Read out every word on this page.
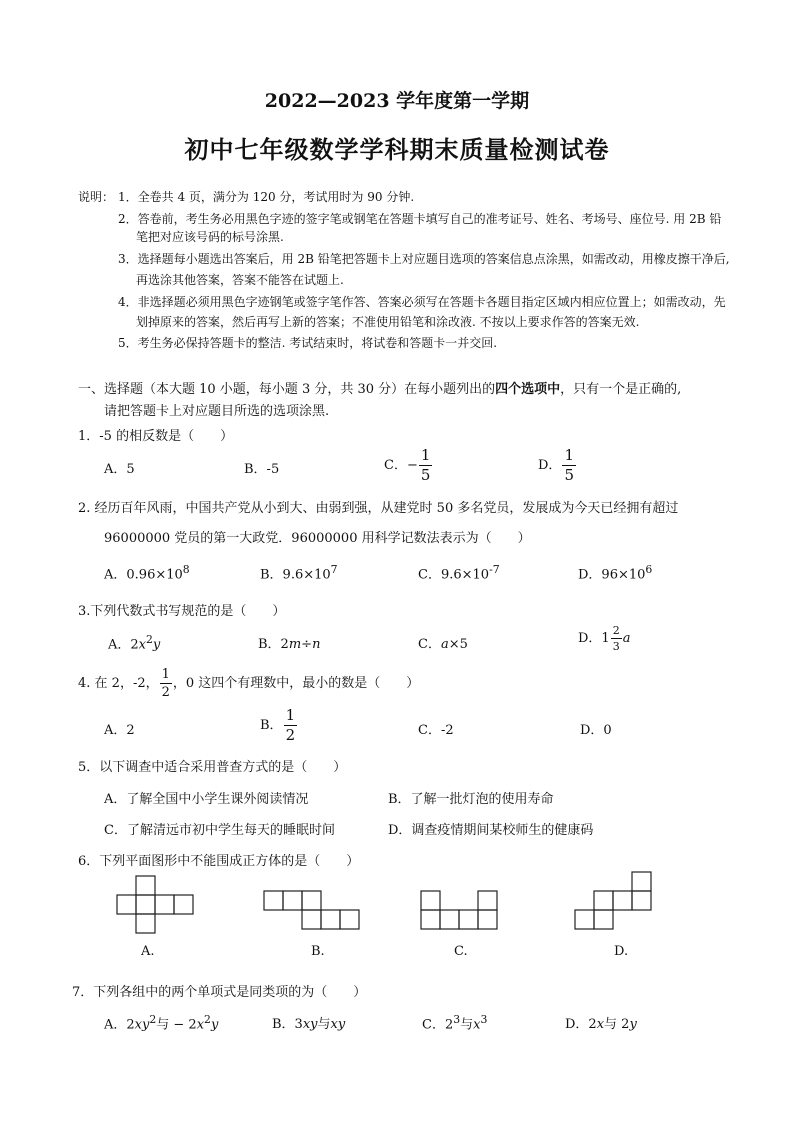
2022—2023 学年度第一学期
初中七年级数学学科期末质量检测试卷
说明： 1．全卷共 4 页，满分为 120 分，考试用时为 90 分钟.
2．答卷前，考生务必用黑色字迹的签字笔或钢笔在答题卡填写自己的准考证号、姓名、考场号、座位号. 用 2B 铅
笔把对应该号码的标号涂黑.
3．选择题每小题选出答案后，用 2B 铅笔把答题卡上对应题目选项的答案信息点涂黑，如需改动，用橡皮擦干净后,
再选涂其他答案，答案不能答在试题上.
4．非选择题必须用黑色字迹钢笔或签字笔作答、答案必须写在答题卡各题目指定区域内相应位置上；如需改动，先
划掉原来的答案，然后再写上新的答案；不准使用铅笔和涂改液. 不按以上要求作答的答案无效.
5．考生务必保持答题卡的整洁. 考试结束时，将试卷和答题卡一并交回.
一、选择题（本大题 10 小题，每小题 3 分，共 30 分）在每小题列出的四个选项中，只有一个是正确的,
请把答题卡上对应题目所选的选项涂黑.
1．-5 的相反数是（　　）
A．5	B．-5	C．− $\frac{1}{5}$	D． $\frac{1}{5}$
2. 经历百年风雨，中国共产党从小到大、由弱到强，从建党时 50 多名党员，发展成为今天已经拥有超过
96000000 党员的第一大政党．96000000 用科学记数法表示为（　　）
A．$0.96\times 10^8$	B．$9.6\times 10^7$	C．$9.6\times 10^{-7}$	D．$96\times 10^6$
3.下列代数式书写规范的是（　　）
A．$2x^2y$	B．2m÷n	C．a×5	D．$1 \frac{2}{3}$ a
4. 在 2，-2， $\frac{1}{2}$ ，0 这四个有理数中，最小的数是（　　）
A．2	B． $\frac{1}{2}$	C．-2	D．0
5．以下调查中适合采用普查方式的是（　　）
A．了解全国中小学生课外阅读情况	B．了解一批灯泡的使用寿命
C．了解清远市初中学生每天的睡眠时间	D．调查疫情期间某校师生的健康码
6．下列平面图形中不能围成正方体的是（　　）
A.	B.	C.	D.
7．下列各组中的两个单项式是同类项的为（　　）
A．$2xy^2$与 − $2x^2y$	B．3xy与xy	C．$2^3$与$x^3$	D．2x与 2y
